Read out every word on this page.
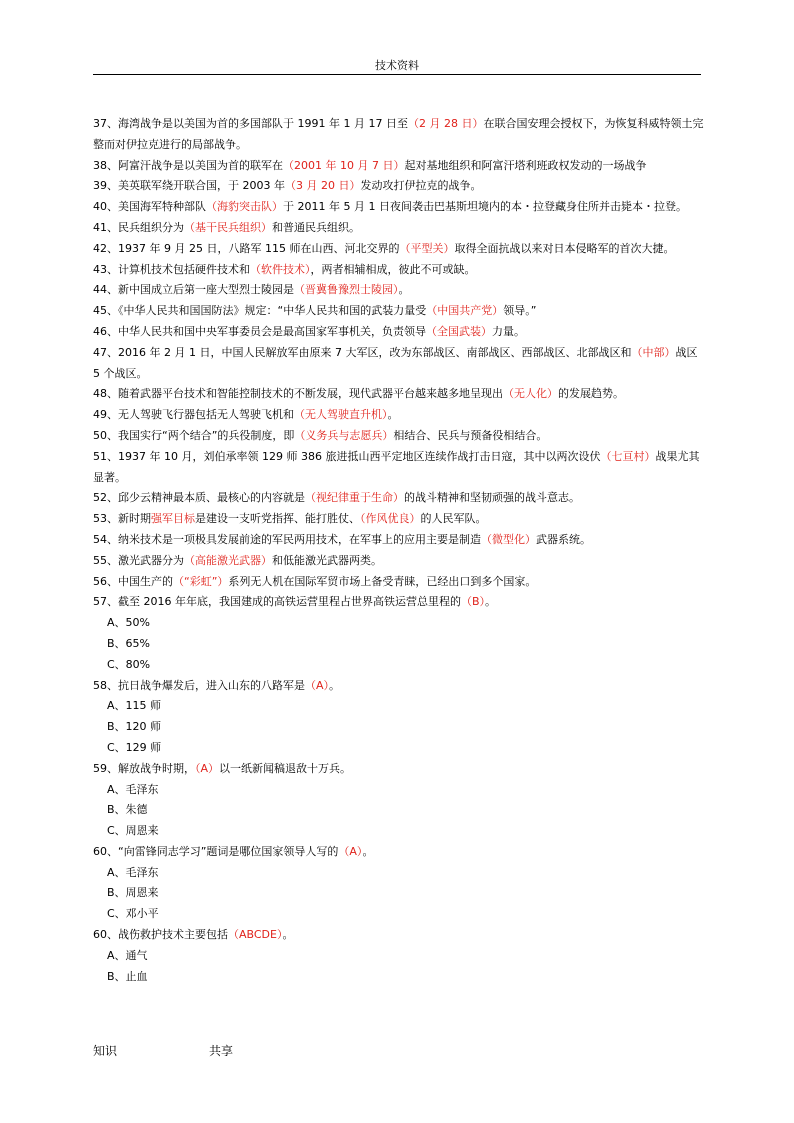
技术资料

37、海湾战争是以美国为首的多国部队于 1991 年 1 月 17 日至（2 月 28 日）在联合国安理会授权下，为恢复科威特领土完整而对伊拉克进行的局部战争。

38、阿富汗战争是以美国为首的联军在（2001 年 10 月 7 日）起对基地组织和阿富汗塔利班政权发动的一场战争

39、美英联军绕开联合国，于 2003 年（3 月 20 日）发动攻打伊拉克的战争。

40、美国海军特种部队（海豹突击队）于 2011 年 5 月 1 日夜间袭击巴基斯坦境内的本・拉登藏身住所并击毙本・拉登。

41、民兵组织分为（基干民兵组织）和普通民兵组织。

42、1937 年 9 月 25 日，八路军 115 师在山西、河北交界的（平型关）取得全面抗战以来对日本侵略军的首次大捷。

43、计算机技术包括硬件技术和（软件技术），两者相辅相成，彼此不可或缺。

44、新中国成立后第一座大型烈士陵园是（晋冀鲁豫烈士陵园）。

45、《中华人民共和国国防法》规定：“中华人民共和国的武装力量受（中国共产党）领导。”

46、中华人民共和国中央军事委员会是最高国家军事机关，负责领导（全国武装）力量。

47、2016 年 2 月 1 日，中国人民解放军由原来 7 大军区，改为东部战区、南部战区、西部战区、北部战区和（中部）战区 5 个战区。

48、随着武器平台技术和智能控制技术的不断发展，现代武器平台越来越多地呈现出（无人化）的发展趋势。

49、无人驾驶飞行器包括无人驾驶飞机和（无人驾驶直升机）。

50、我国实行“两个结合”的兵役制度，即（义务兵与志愿兵）相结合、民兵与预备役相结合。

51、1937 年 10 月，刘伯承率领 129 师 386 旅进抵山西平定地区连续作战打击日寇，其中以两次设伏（七亘村）战果尤其显著。

52、邱少云精神最本质、最核心的内容就是（视纪律重于生命）的战斗精神和坚韧顽强的战斗意志。

53、新时期强军目标是建设一支听党指挥、能打胜仗、（作风优良）的人民军队。

54、纳米技术是一项极具发展前途的军民两用技术，在军事上的应用主要是制造（微型化）武器系统。

55、激光武器分为（高能激光武器）和低能激光武器两类。

56、中国生产的（“彩虹”）系列无人机在国际军贸市场上备受青睐，已经出口到多个国家。

57、截至 2016 年年底，我国建成的高铁运营里程占世界高铁运营总里程的（B）。

A、50%

B、65%

C、80%

58、抗日战争爆发后，进入山东的八路军是（A）。

A、115 师

B、120 师

C、129 师

59、解放战争时期，（A）以一纸新闻稿退敌十万兵。

A、毛泽东

B、朱德

C、周恩来

60、“向雷锋同志学习”题词是哪位国家领导人写的（A）。

A、毛泽东

B、周恩来

C、邓小平

60、战伤救护技术主要包括（ABCDE）。

A、通气

B、止血

知识	共享
